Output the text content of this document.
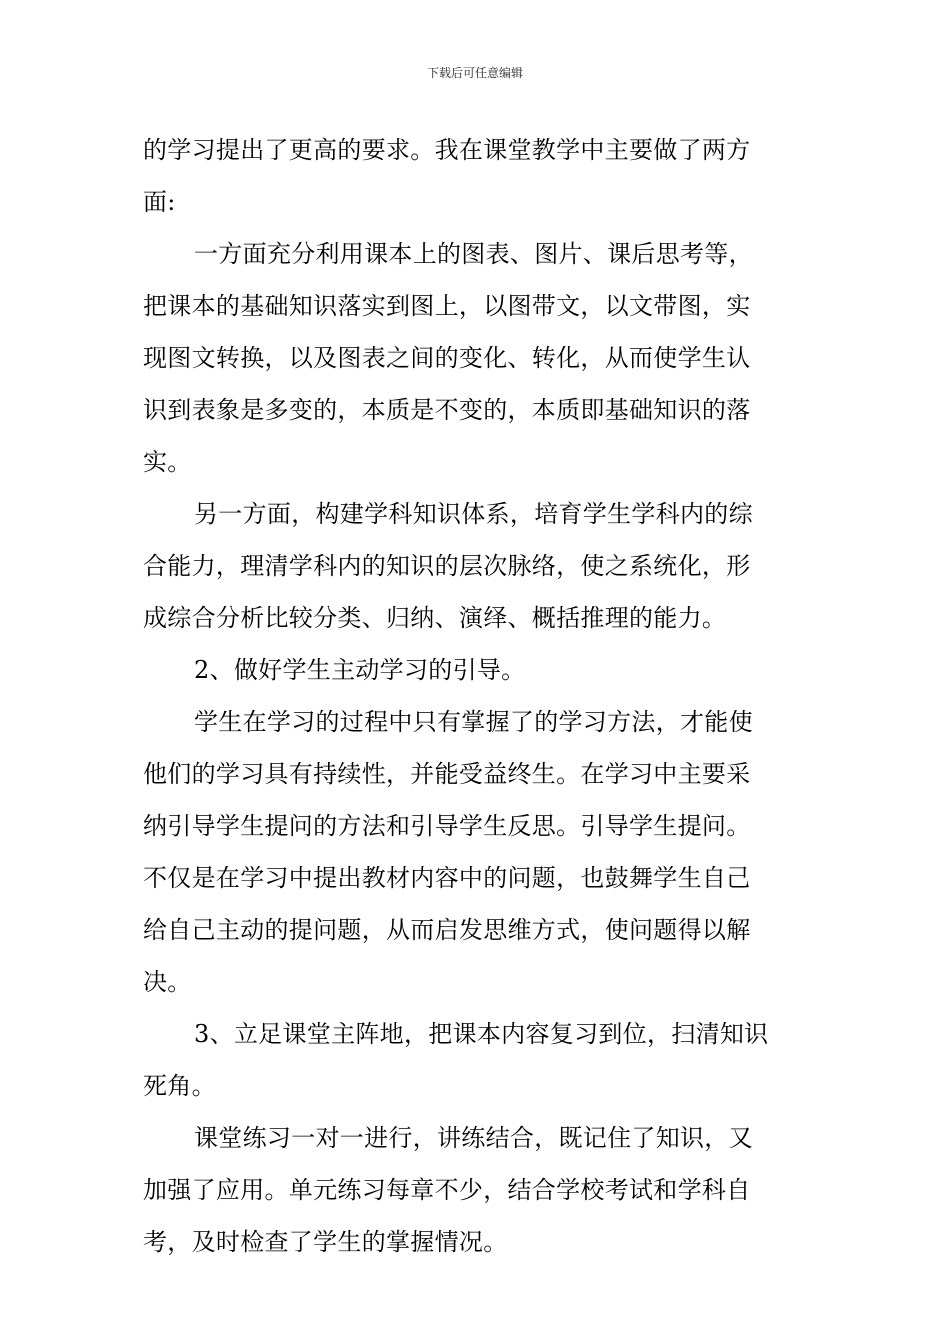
下载后可任意编辑
的学习提出了更高的要求。我在课堂教学中主要做了两方
面:
一方面充分利用课本上的图表、图片、课后思考等，
把课本的基础知识落实到图上，以图带文，以文带图，实
现图文转换，以及图表之间的变化、转化，从而使学生认
识到表象是多变的，本质是不变的，本质即基础知识的落
实。
另一方面，构建学科知识体系，培育学生学科内的综
合能力，理清学科内的知识的层次脉络，使之系统化，形
成综合分析比较分类、归纳、演绎、概括推理的能力。
2、做好学生主动学习的引导。
学生在学习的过程中只有掌握了的学习方法，才能使
他们的学习具有持续性，并能受益终生。在学习中主要采
纳引导学生提问的方法和引导学生反思。引导学生提问。
不仅是在学习中提出教材内容中的问题，也鼓舞学生自己
给自己主动的提问题，从而启发思维方式，使问题得以解
决。
3、立足课堂主阵地，把课本内容复习到位，扫清知识
死角。
课堂练习一对一进行，讲练结合，既记住了知识，又
加强了应用。单元练习每章不少，结合学校考试和学科自
考，及时检查了学生的掌握情况。
